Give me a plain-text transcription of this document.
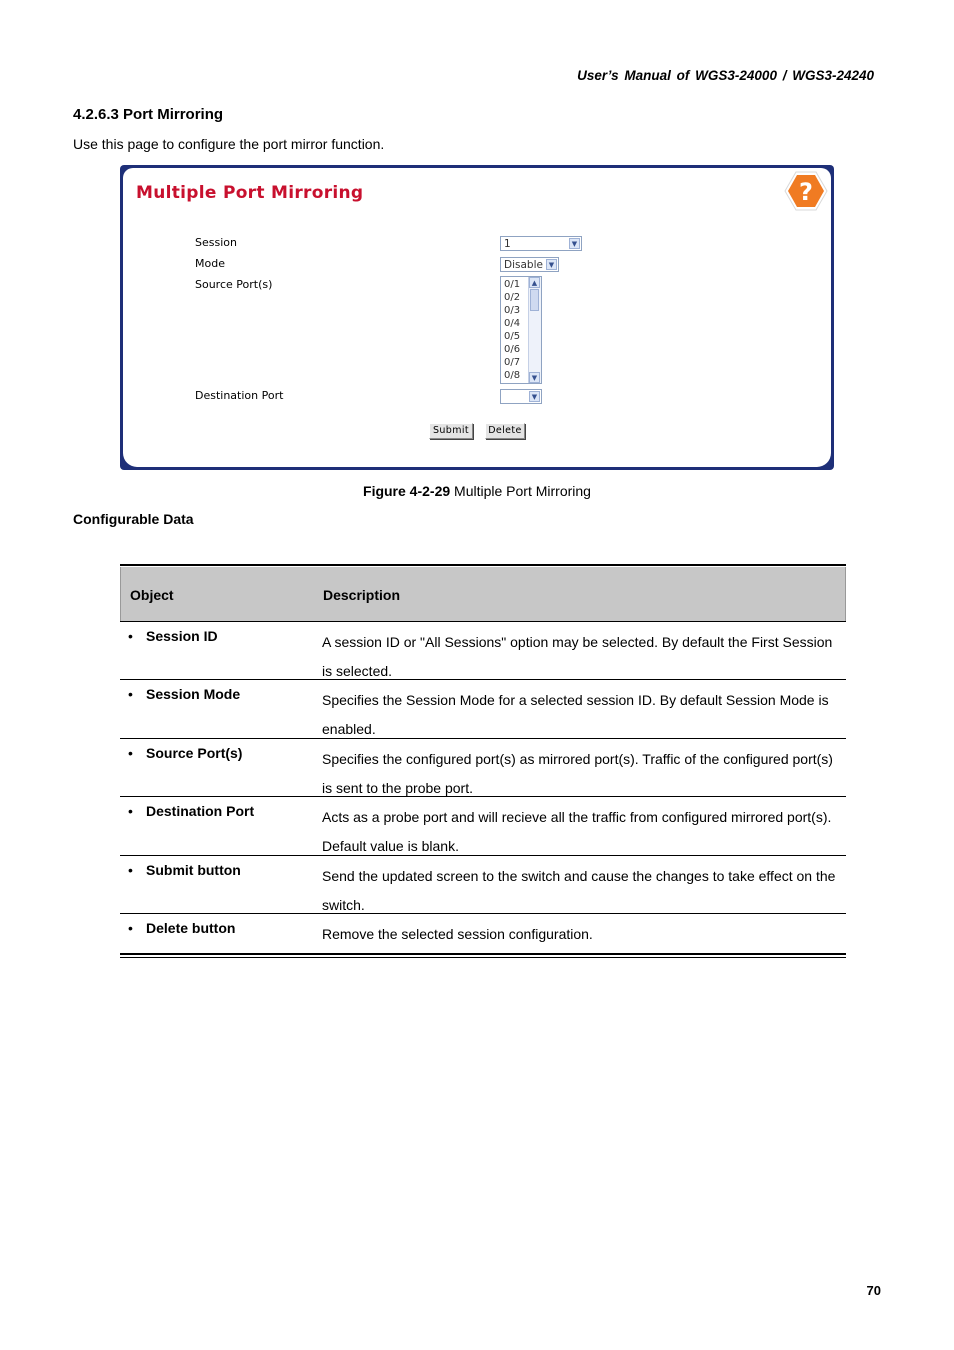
User’s Manual of WGS3-24000 / WGS3-24240
4.2.6.3 Port Mirroring
Use this page to configure the port mirror function.
Multiple Port Mirroring	?
Session	1	▼
Mode	Disable ▼
Source Port(s)	0/1
0/2
0/3
0/4
0/5
0/6
0/7
0/8
▲
▼
Destination Port	▼
Submit	Delete
Figure 4-2-29 Multiple Port Mirroring
Configurable Data
Object	Description
• Session ID	A session ID or "All Sessions" option may be selected. By default the First Session is selected.
• Session Mode	Specifies the Session Mode for a selected session ID. By default Session Mode is enabled.
• Source Port(s)	Specifies the configured port(s) as mirrored port(s). Traffic of the configured port(s) is sent to the probe port.
• Destination Port	Acts as a probe port and will recieve all the traffic from configured mirrored port(s). Default value is blank.
• Submit button	Send the updated screen to the switch and cause the changes to take effect on the switch.
• Delete button	Remove the selected session configuration.
70
